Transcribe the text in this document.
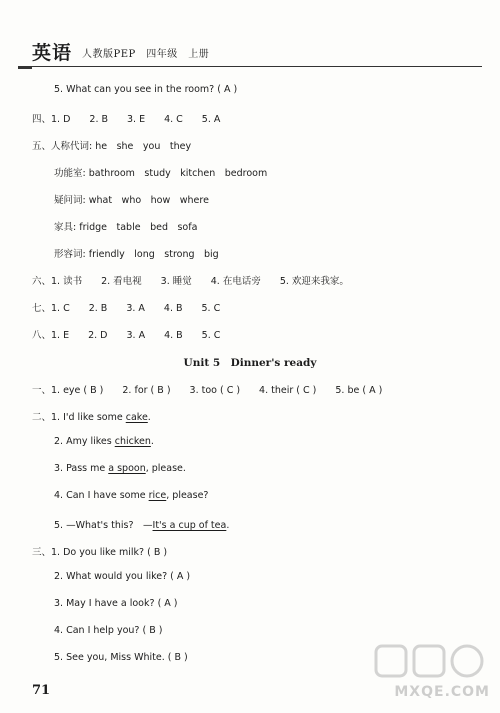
英语 人教版PEP　四年级　上册
5. What can you see in the room? ( A )
四、1. D　　2. B　　3. E　　4. C　　5. A
五、人称代词: he　she　you　they
功能室: bathroom　study　kitchen　bedroom
疑问词: what　who　how　where
家具: fridge　table　bed　sofa
形容词: friendly　long　strong　big
六、1. 读书　　2. 看电视　　3. 睡觉　　4. 在电话旁　　5. 欢迎来我家。
七、1. C　　2. B　　3. A　　4. B　　5. C
八、1. E　　2. D　　3. A　　4. B　　5. C
Unit 5　Dinner's ready
一、1. eye ( B )　　2. for ( B )　　3. too ( C )　　4. their ( C )　　5. be ( A )
二、1. I'd like some cake.
2. Amy likes chicken.
3. Pass me a spoon, please.
4. Can I have some rice, please?
5. —What's this?　—It's a cup of tea.
三、1. Do you like milk? ( B )
2. What would you like? ( A )
3. May I have a look? ( A )
4. Can I help you? ( B )
5. See you, Miss White. ( B )
71	MXQE.COM
